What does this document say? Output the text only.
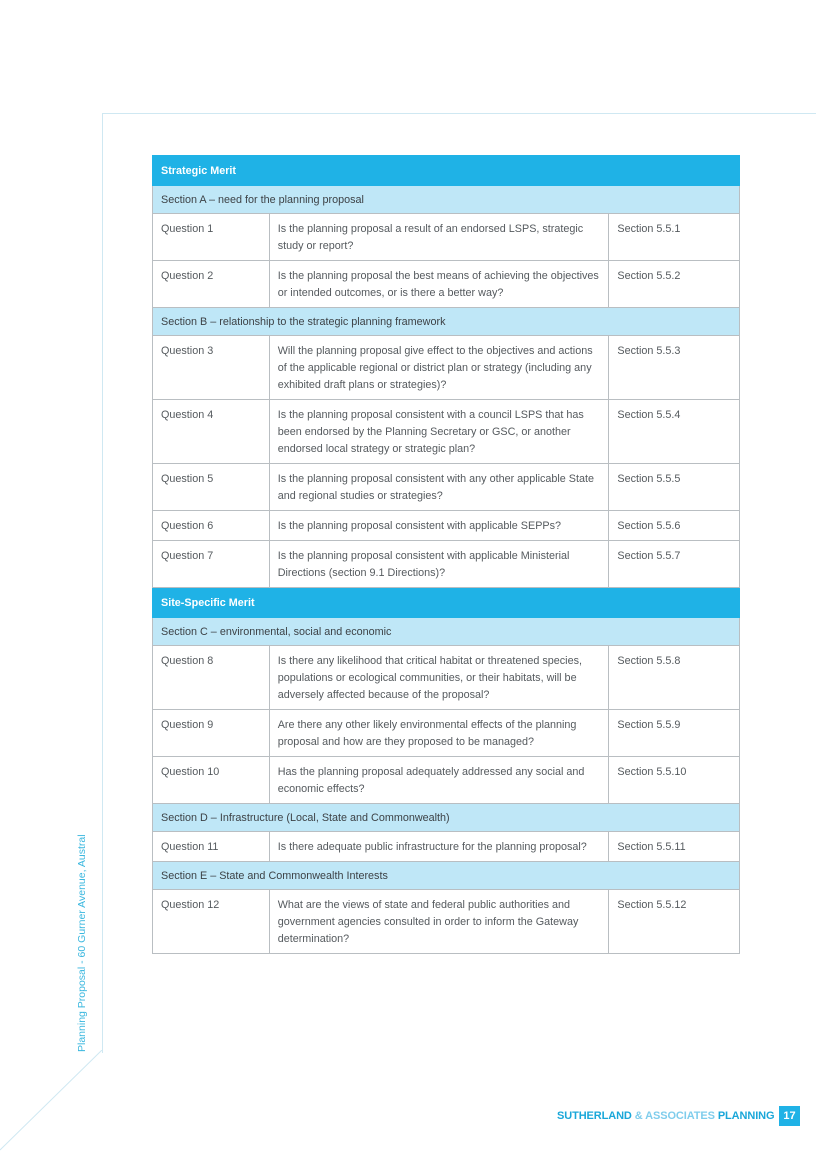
Planning Proposal - 60 Gurner Avenue, Austral
Strategic Merit		
Section A – need for the planning proposal		
Question 1	Is the planning proposal a result of an endorsed LSPS, strategic study or report?	Section 5.5.1
Question 2	Is the planning proposal the best means of achieving the objectives or intended outcomes, or is there a better way?	Section 5.5.2
Section B – relationship to the strategic planning framework		
Question 3	Will the planning proposal give effect to the objectives and actions of the applicable regional or district plan or strategy (including any exhibited draft plans or strategies)?	Section 5.5.3
Question 4	Is the planning proposal consistent with a council LSPS that has been endorsed by the Planning Secretary or GSC, or another endorsed local strategy or strategic plan?	Section 5.5.4
Question 5	Is the planning proposal consistent with any other applicable State and regional studies or strategies?	Section 5.5.5
Question 6	Is the planning proposal consistent with applicable SEPPs?	Section 5.5.6
Question 7	Is the planning proposal consistent with applicable Ministerial Directions (section 9.1 Directions)?	Section 5.5.7
Site-Specific Merit		
Section C – environmental, social and economic		
Question 8	Is there any likelihood that critical habitat or threatened species, populations or ecological communities, or their habitats, will be adversely affected because of the proposal?	Section 5.5.8
Question 9	Are there any other likely environmental effects of the planning proposal and how are they proposed to be managed?	Section 5.5.9
Question 10	Has the planning proposal adequately addressed any social and economic effects?	Section 5.5.10
Section D – Infrastructure (Local, State and Commonwealth)		
Question 11	Is there adequate public infrastructure for the planning proposal?	Section 5.5.11
Section E – State and Commonwealth Interests		
Question 12	What are the views of state and federal public authorities and government agencies consulted in order to inform the Gateway determination?	Section 5.5.12
SUTHERLAND & ASSOCIATES PLANNING 17
